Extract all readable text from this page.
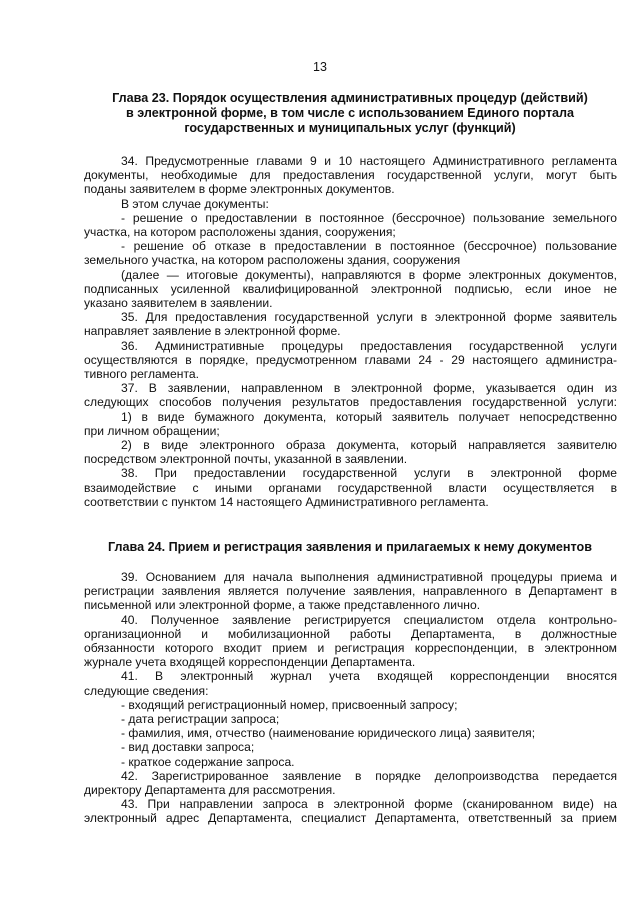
13
Глава 23. Порядок осуществления административных процедур (действий)
в электронной форме, в том числе с использованием Единого портала
государственных и муниципальных услуг (функций)

34. Предусмотренные главами 9 и 10 настоящего Административного регламента

документы, необходимые для предоставления государственной услуги, могут быть

поданы заявителем в форме электронных документов.

В этом случае документы:

- решение о предоставлении в постоянное (бессрочное) пользование земельного

участка, на котором расположены здания, сооружения;

- решение об отказе в предоставлении в постоянное (бессрочное) пользование

земельного участка, на котором расположены здания, сооружения

(далее — итоговые документы), направляются в форме электронных документов,

подписанных усиленной квалифицированной электронной подписью, если иное не

указано заявителем в заявлении.

35. Для предоставления государственной услуги в электронной форме заявитель

направляет заявление в электронной форме.

36. Административные процедуры предоставления государственной услуги

осуществляются в порядке, предусмотренном главами 24 - 29 настоящего администра-

тивного регламента.

37. В заявлении, направленном в электронной форме, указывается один из

следующих способов получения результатов предоставления государственной услуги:

1) в виде бумажного документа, который заявитель получает непосредственно

при личном обращении;

2) в виде электронного образа документа, который направляется заявителю

посредством электронной почты, указанной в заявлении.

38. При предоставлении государственной услуги в электронной форме

взаимодействие с иными органами государственной власти осуществляется в

соответствии с пунктом 14 настоящего Административного регламента.

Глава 24. Прием и регистрация заявления и прилагаемых к нему документов

39. Основанием для начала выполнения административной процедуры приема и

регистрации заявления является получение заявления, направленного в Департамент в

письменной или электронной форме, а также представленного лично.

40. Полученное заявление регистрируется специалистом отдела контрольно-

организационной и мобилизационной работы Департамента, в должностные

обязанности которого входит прием и регистрация корреспонденции, в электронном

журнале учета входящей корреспонденции Департамента.

41. В электронный журнал учета входящей корреспонденции вносятся

следующие сведения:

- входящий регистрационный номер, присвоенный запросу;

- дата регистрации запроса;

- фамилия, имя, отчество (наименование юридического лица) заявителя;

- вид доставки запроса;

- краткое содержание запроса.

42. Зарегистрированное заявление в порядке делопроизводства передается

директору Департамента для рассмотрения.

43. При направлении запроса в электронной форме (сканированном виде) на

электронный адрес Департамента, специалист Департамента, ответственный за прием
